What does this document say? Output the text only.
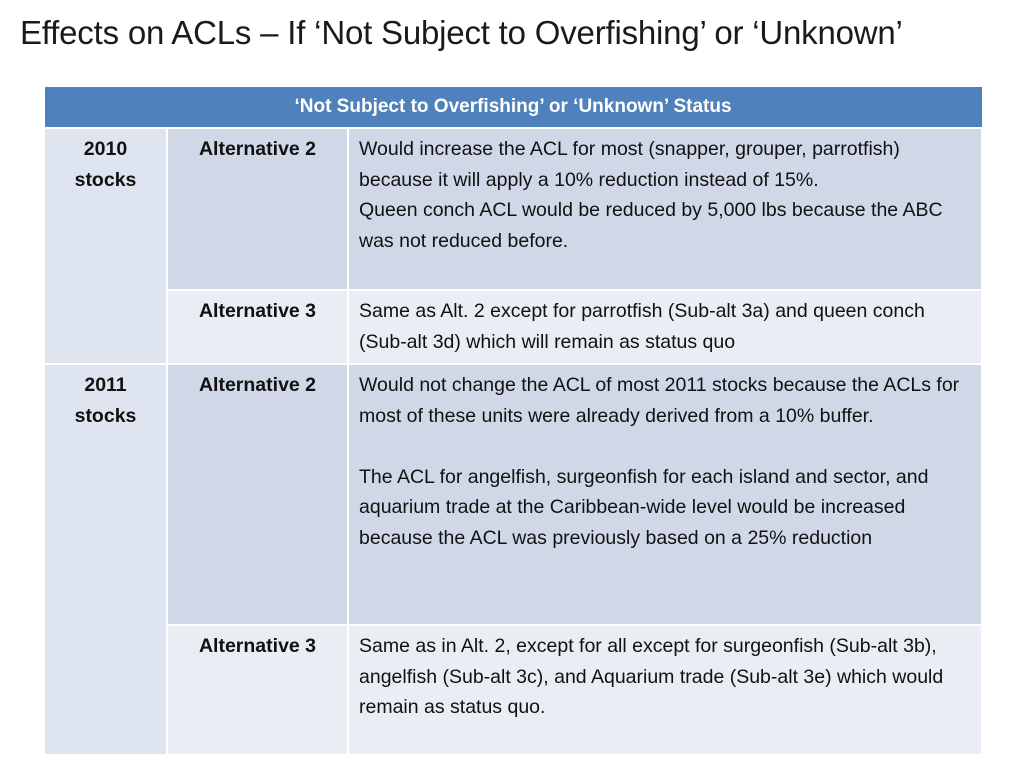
Effects on ACLs – If ‘Not Subject to Overfishing’ or ‘Unknown’
‘Not Subject to Overfishing’ or ‘Unknown’ Status		

2010
stocks	Alternative 2	Would increase the ACL for most (snapper, grouper, parrotfish) because it will apply a 10% reduction instead of 15%.
Queen conch ACL would be reduced by 5,000 lbs because the ABC was not reduced before.

	Alternative 3	Same as Alt. 2 except for parrotfish (Sub-alt 3a) and queen conch (Sub-alt 3d) which will remain as status quo

2011
stocks	Alternative 2	Would not change the ACL of most 2011 stocks because the ACLs for most of these units were already derived from a 10% buffer.
The ACL for angelfish, surgeonfish for each island and sector, and aquarium trade at the Caribbean-wide level would be increased because the ACL was previously based on a 25% reduction

	Alternative 3	Same as in Alt. 2, except for all except for surgeonfish (Sub-alt 3b), angelfish (Sub-alt 3c), and Aquarium trade (Sub-alt 3e) which would remain as status quo.
